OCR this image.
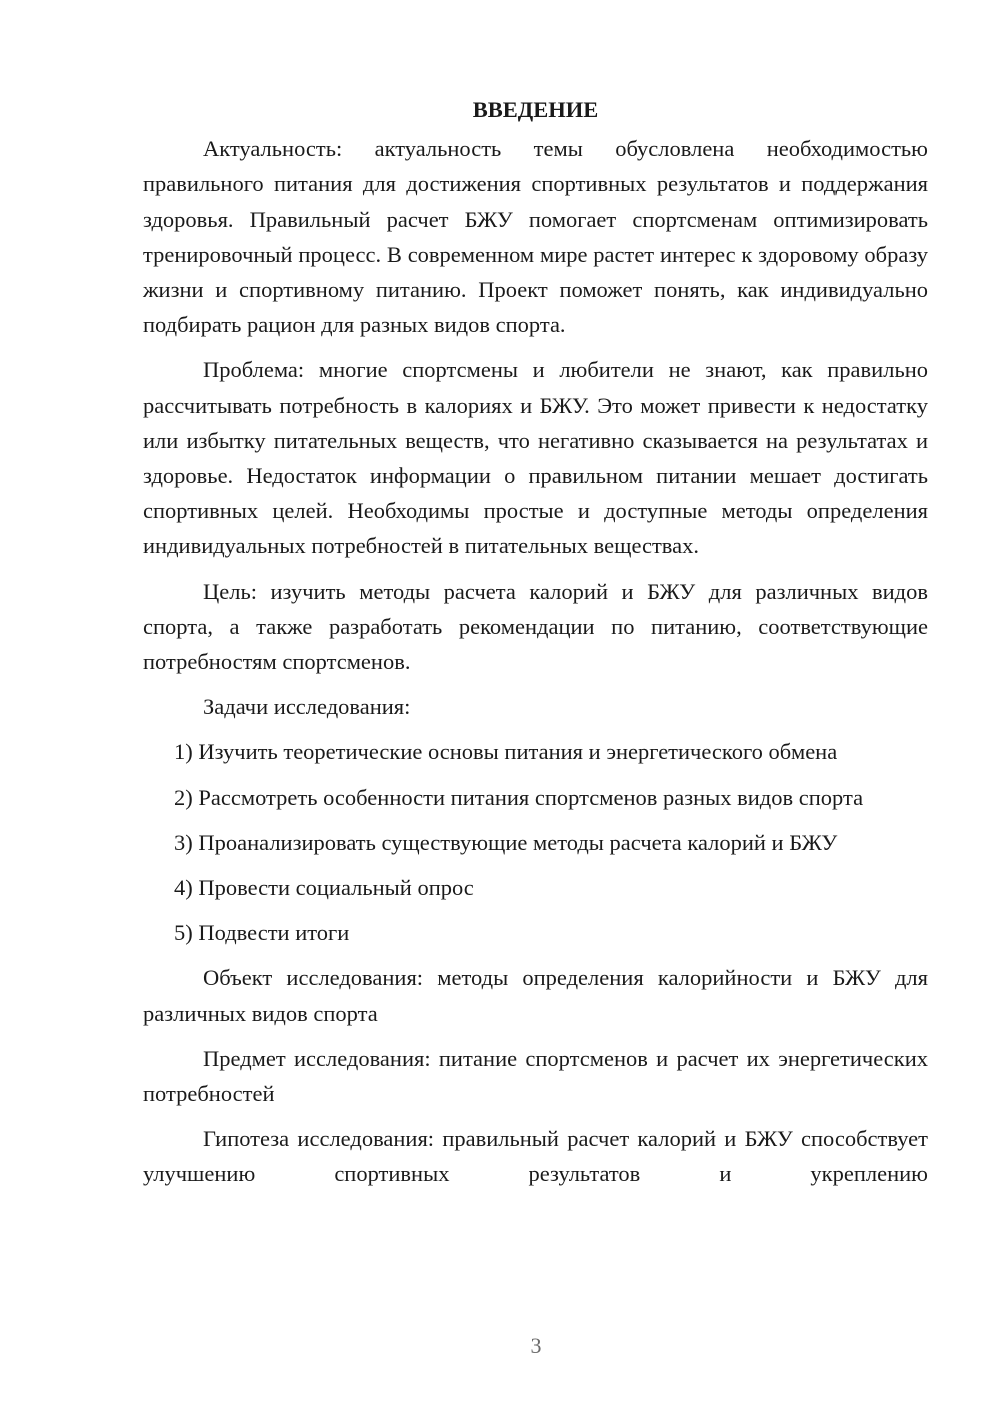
ВВЕДЕНИЕ

Актуальность: актуальность темы обусловлена необходимостью правильного питания для достижения спортивных результатов и поддержания здоровья. Правильный расчет БЖУ помогает спортсменам оптимизировать тренировочный процесс. В современном мире растет интерес к здоровому образу жизни и спортивному питанию. Проект поможет понять, как индивидуально подбирать рацион для разных видов спорта.

Проблема: многие спортсмены и любители не знают, как правильно рассчитывать потребность в калориях и БЖУ. Это может привести к недостатку или избытку питательных веществ, что негативно сказывается на результатах и здоровье. Недостаток информации о правильном питании мешает достигать спортивных целей. Необходимы простые и доступные методы определения индивидуальных потребностей в питательных веществах.

Цель: изучить методы расчета калорий и БЖУ для различных видов спорта, а также разработать рекомендации по питанию, соответствующие потребностям спортсменов.

Задачи исследования:

1) Изучить теоретические основы питания и энергетического обмена

2) Рассмотреть особенности питания спортсменов разных видов спорта

3) Проанализировать существующие методы расчета калорий и БЖУ

4) Провести социальный опрос

5) Подвести итоги

Объект исследования: методы определения калорийности и БЖУ для различных видов спорта

Предмет исследования: питание спортсменов и расчет их энергетических потребностей

Гипотеза исследования: правильный расчет калорий и БЖУ способствует улучшению спортивных результатов и укреплению

3
